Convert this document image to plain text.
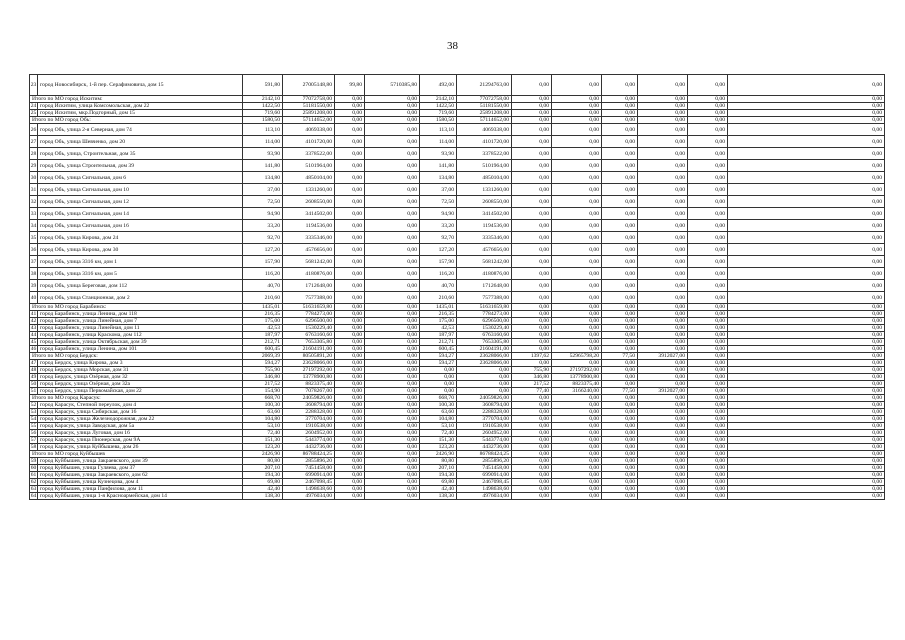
38
23	город Новосибирск, 1-й пер. Серафимовича, дом 15	591,80	27005148,80	99,80	5710385,80	492,00	21294763,00	0,00	0,00	0,00	0,00	0,00	0,00
Итого по МО город Искитим:		2142,10	77072758,00	0,00	0,00	2142,10	77072758,00	0,00	0,00	0,00	0,00	0,00	0,00
24	город Искитим, улица Комсомольская, дом 22	1422,50	51181550,00	0,00	0,00	1422,50	51181550,00	0,00	0,00	0,00	0,00	0,00	0,00
25	город Искитим, мкр.Подгорный, дом 15	719,60	25891208,00	0,00	0,00	719,60	25891208,00	0,00	0,00	0,00	0,00	0,00	0,00
Итого по МО город Обь:		1580,50	57114652,00	0,00	0,00	1580,50	57114652,00	0,00	0,00	0,00	0,00	0,00	0,00
26	город Обь, улица 2-я Северная, дом 74	113,10	4069338,00	0,00	0,00	113,10	4069338,00	0,00	0,00	0,00	0,00	0,00	0,00
27	город Обь, улица Шевченко, дом 20	114,00	4101720,00	0,00	0,00	114,00	4101720,00	0,00	0,00	0,00	0,00	0,00	0,00
28	город Обь, улица, Строительная, дом 35	93,90	3378522,00	0,00	0,00	93,90	3378522,00	0,00	0,00	0,00	0,00	0,00	0,00
29	город Обь, улица Строительная, дом 39	141,80	5101964,00	0,00	0,00	141,80	5101964,00	0,00	0,00	0,00	0,00	0,00	0,00
30	город Обь, улица Сигнальная, дом 6	134,80	4850104,00	0,00	0,00	134,80	4850104,00	0,00	0,00	0,00	0,00	0,00	0,00
31	город Обь, улица Сигнальная, дом 10	37,00	1331260,00	0,00	0,00	37,00	1331260,00	0,00	0,00	0,00	0,00	0,00	0,00
32	город Обь, улица Сигнальная, дом 12	72,50	2608550,00	0,00	0,00	72,50	2608550,00	0,00	0,00	0,00	0,00	0,00	0,00
33	город Обь, улица Сигнальная, дом 14	94,90	3414502,00	0,00	0,00	94,90	3414502,00	0,00	0,00	0,00	0,00	0,00	0,00
34	город Обь, улица Сигнальная, дом 16	33,20	1194536,00	0,00	0,00	33,20	1194536,00	0,00	0,00	0,00	0,00	0,00	0,00
35	город Обь, улица Кирова, дом 24	92,70	3335346,00	0,00	0,00	92,70	3335346,00	0,00	0,00	0,00	0,00	0,00	0,00
36	город Обь, улица Кирова, дом 30	127,20	4576656,00	0,00	0,00	127,20	4576656,00	0,00	0,00	0,00	0,00	0,00	0,00
37	город Обь, улица 3316 км, дом 1	157,90	5681242,00	0,00	0,00	157,90	5681242,00	0,00	0,00	0,00	0,00	0,00	0,00
38	город Обь, улица 3316 км, дом 5	116,20	4180876,00	0,00	0,00	116,20	4180876,00	0,00	0,00	0,00	0,00	0,00	0,00
39	город Обь, улица Береговая, дом 112	40,70	1712648,00	0,00	0,00	40,70	1712648,00	0,00	0,00	0,00	0,00	0,00	0,00
40	город Обь, улица Станционная, дом 2	210,60	7577388,00	0,00	0,00	210,60	7577388,00	0,00	0,00	0,00	0,00	0,00	0,00
Итого по МО город Барабинск:		1435,01	51631659,80	0,00	0,00	1435,01	51631659,80	0,00	0,00	0,00	0,00	0,00	0,00
41	город Барабинск, улица Ленина, дом 118	216,35	7784273,00	0,00	0,00	216,35	7784273,00	0,00	0,00	0,00	0,00	0,00	0,00
42	город Барабинск, улица Линейная, дом 7	175,00	6296500,00	0,00	0,00	175,00	6296500,00	0,00	0,00	0,00	0,00	0,00	0,00
43	город Барабинск, улица Линейная, дом 11	42,53	1530229,40	0,00	0,00	42,53	1530229,40	0,00	0,00	0,00	0,00	0,00	0,00
44	город Барабинск, улица Краскома, дом 112	187,97	6763160,60	0,00	0,00	187,97	6763160,60	0,00	0,00	0,00	0,00	0,00	0,00
45	город Барабинск, улица Октябрьская, дом 39	212,71	7653305,80	0,00	0,00	212,71	7653305,80	0,00	0,00	0,00	0,00	0,00	0,00
46	город Барабинск, улица Ленина, дом 101	600,45	21604191,00	0,00	0,00	600,45	21604191,00	0,00	0,00	0,00	0,00	0,00	0,00
Итого по МО город Бердск:		2069,39	80505891,20	0,00	0,00	594,27	23628066,00	1397,62	52965798,20	77,50	3912027,00	0,00	0,00
47	город Бердск, улица Кирова, дом 3	594,27	23628066,00	0,00	0,00	594,27	23628066,00	0,00	0,00	0,00	0,00	0,00	0,00
48	город Бердск, улица Морская, дом 31	755,90	27197292,00	0,00	0,00	0,00	0,00	755,90	27197292,00	0,00	0,00	0,00	0,00
49	город Бердск, улица Озёрная, дом 32	346,80	13778900,80	0,00	0,00	0,00	0,00	346,80	13778900,80	0,00	0,00	0,00	0,00
50	город Бердск, улица Озёрная, дом 32а	217,52	8823375,40	0,00	0,00	0,00	0,00	217,52	8823375,40	0,00	0,00	0,00	0,00
51	город Бердск, улица Первомайская, дом 22	154,90	7078267,00	0,00	0,00	0,00	0,00	77,40	3166240,00	77,50	3912027,00	0,00	0,00
Итого по МО город Карасук:		668,70	24059826,00	0,00	0,00	668,70	24059826,00	0,00	0,00	0,00	0,00	0,00	0,00
52	город Карасук, Степной переулок, дом 4	100,30	3608794,00	0,00	0,00	100,30	3608794,00	0,00	0,00	0,00	0,00	0,00	0,00
53	город Карасук, улица Сибирская, дом 16	63,60	2288328,00	0,00	0,00	63,60	2288328,00	0,00	0,00	0,00	0,00	0,00	0,00
54	город Карасук, улица Железнодорожная, дом 22	104,80	3770704,00	0,00	0,00	104,80	3770704,00	0,00	0,00	0,00	0,00	0,00	0,00
55	город Карасук, улица Заводская, дом 5а	53,10	1910538,00	0,00	0,00	53,10	1910538,00	0,00	0,00	0,00	0,00	0,00	0,00
56	город Карасук, улица Луговая, дом 16	72,40	2604952,00	0,00	0,00	72,40	2604952,00	0,00	0,00	0,00	0,00	0,00	0,00
57	город Карасук, улица Пионерская, дом 9А	151,30	5443774,00	0,00	0,00	151,30	5443774,00	0,00	0,00	0,00	0,00	0,00	0,00
58	город Карасук, улица Куйбышева, дом 26	123,20	4432736,00	0,00	0,00	123,20	4432736,00	0,00	0,00	0,00	0,00	0,00	0,00
Итого по МО город Куйбышев		2426,90	86788424,25	0,00	0,00	2426,90	86788424,25	0,00	0,00	0,00	0,00	0,00	0,00
59	город Куйбышев, улица Закраевского, дом 39	80,80	2855896,20	0,00	0,00	80,80	2855896,20	0,00	0,00	0,00	0,00	0,00	0,00
60	город Куйбышев, улица Гуляева, дом 37	207,10	7451458,00	0,00	0,00	207,10	7451458,00	0,00	0,00	0,00	0,00	0,00	0,00
61	город Куйбышев, улица Закраевского, дом 62	194,30	6990914,00	0,00	0,00	194,30	6990914,00	0,00	0,00	0,00	0,00	0,00	0,00
62	город Куйбышев, улица Кузнецова, дом 4	69,80	2467098,45	0,00	0,00	69,80	2467098,45	0,00	0,00	0,00	0,00	0,00	0,00
63	город Куйбышев, улица Панфилова, дом 11	42,40	1498638,60	0,00	0,00	42,40	1498638,60	0,00	0,00	0,00	0,00	0,00	0,00
64	город Куйбышев, улица 1-я Красноармейская, дом 14	138,30	4976034,00	0,00	0,00	138,30	4976034,00	0,00	0,00	0,00	0,00	0,00	0,00
